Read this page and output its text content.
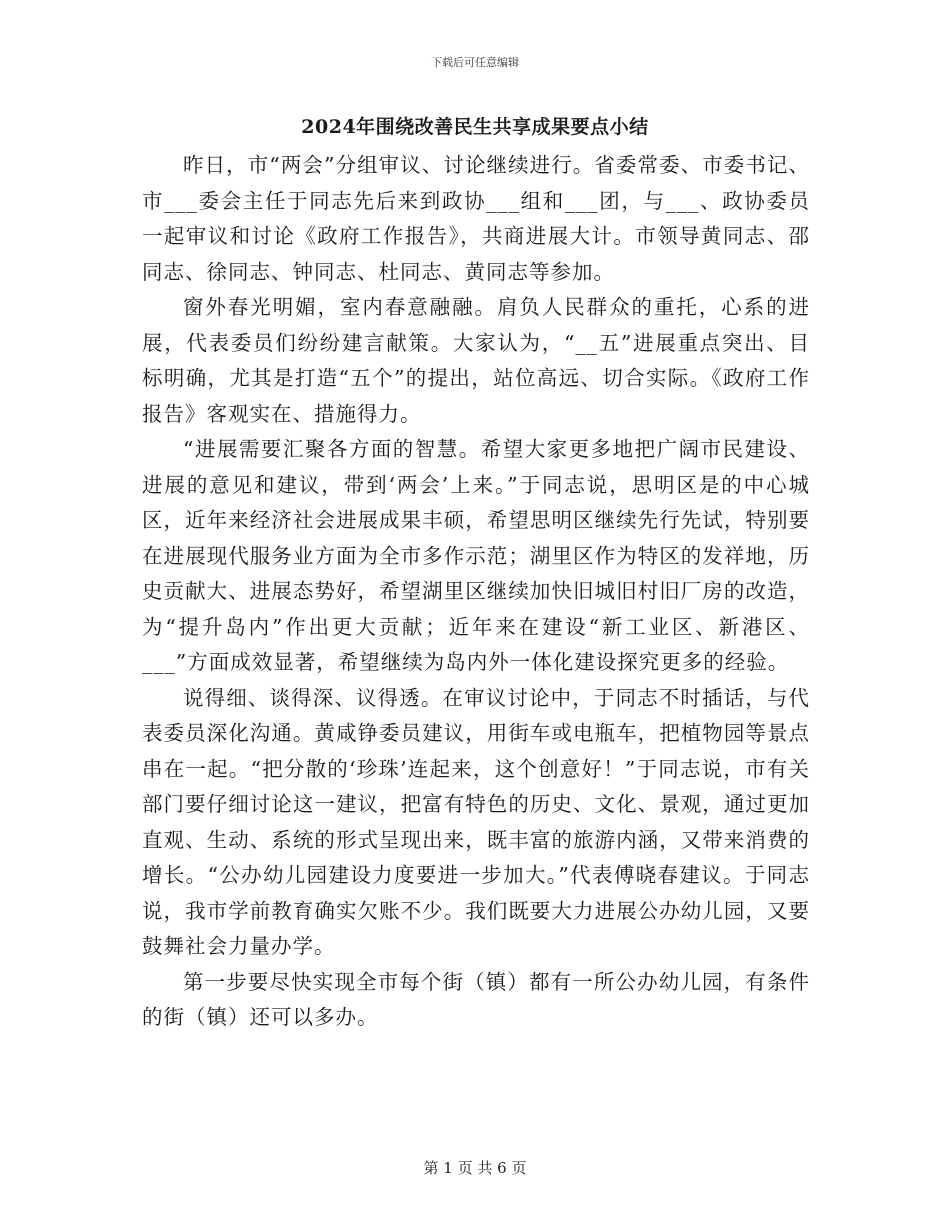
下载后可任意编辑
2024年围绕改善民生共享成果要点小结

昨日，市“两会”分组审议、讨论继续进行。省委常委、市委书记、市___委会主任于同志先后来到政协___组和___团，与___、政协委员一起审议和讨论《政府工作报告》，共商进展大计。市领导黄同志、邵同志、徐同志、钟同志、杜同志、黄同志等参加。

窗外春光明媚，室内春意融融。肩负人民群众的重托，心系的进展，代表委员们纷纷建言献策。大家认为，“__五”进展重点突出、目标明确，尤其是打造“五个”的提出，站位高远、切合实际。《政府工作报告》客观实在、措施得力。

“进展需要汇聚各方面的智慧。希望大家更多地把广阔市民建设、进展的意见和建议，带到‘两会’上来。”于同志说，思明区是的中心城区，近年来经济社会进展成果丰硕，希望思明区继续先行先试，特别要在进展现代服务业方面为全市多作示范；湖里区作为特区的发祥地，历史贡献大、进展态势好，希望湖里区继续加快旧城旧村旧厂房的改造，为“提升岛内”作出更大贡献；近年来在建设“新工业区、新港区、___”方面成效显著，希望继续为岛内外一体化建设探究更多的经验。

说得细、谈得深、议得透。在审议讨论中，于同志不时插话，与代表委员深化沟通。黄咸铮委员建议，用街车或电瓶车，把植物园等景点串在一起。“把分散的‘珍珠’连起来，这个创意好！”于同志说，市有关部门要仔细讨论这一建议，把富有特色的历史、文化、景观，通过更加直观、生动、系统的形式呈现出来，既丰富的旅游内涵，又带来消费的增长。“公办幼儿园建设力度要进一步加大。”代表傅晓春建议。于同志说，我市学前教育确实欠账不少。我们既要大力进展公办幼儿园，又要鼓舞社会力量办学。

第一步要尽快实现全市每个街（镇）都有一所公办幼儿园，有条件的街（镇）还可以多办。

第 1 页 共 6 页
